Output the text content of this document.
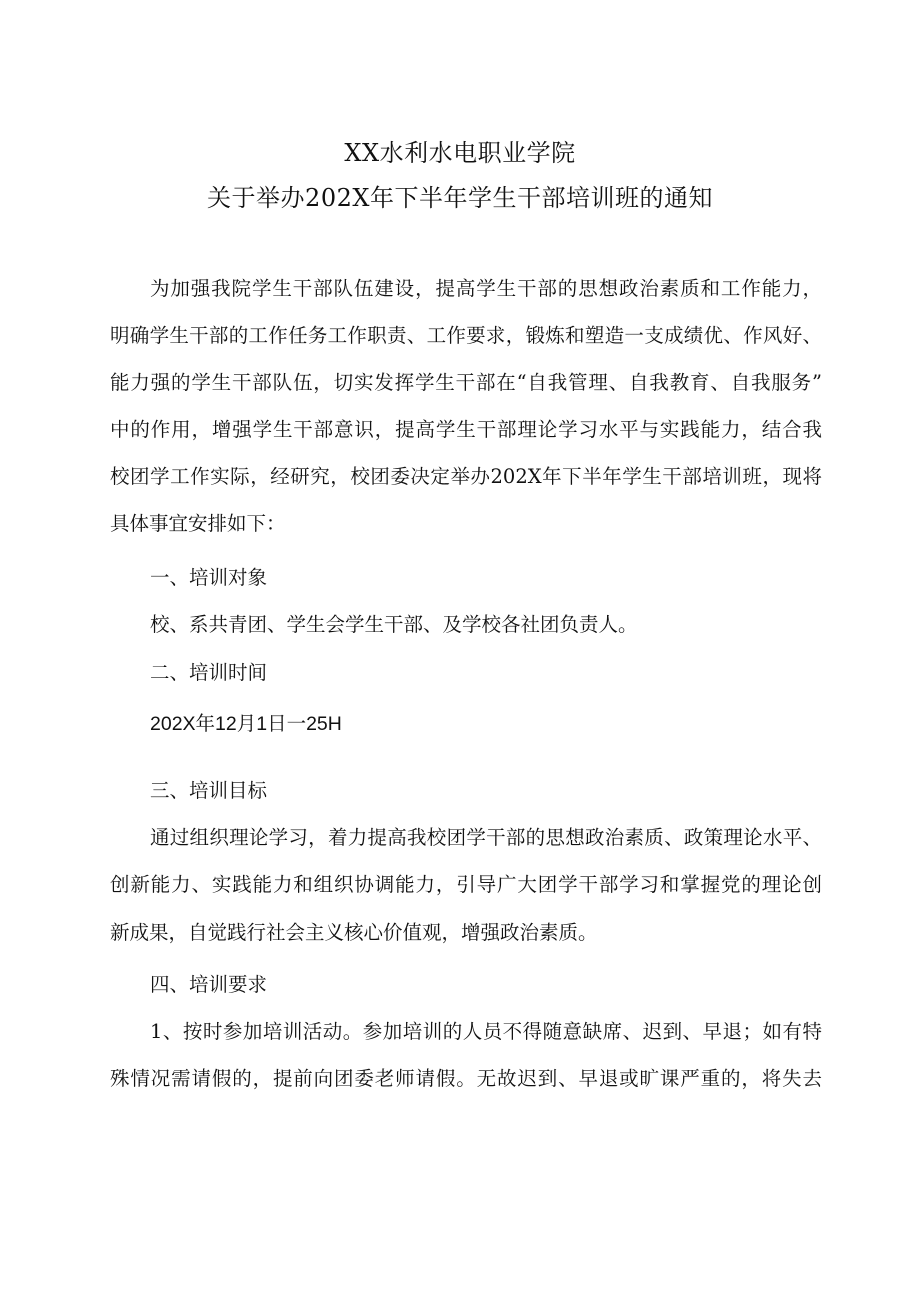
XX水利水电职业学院
关于举办202X年下半年学生干部培训班的通知
为加强我院学生干部队伍建设，提高学生干部的思想政治素质和工作能力，
明确学生干部的工作任务工作职责、工作要求，锻炼和塑造一支成绩优、作风好、
能力强的学生干部队伍，切实发挥学生干部在“自我管理、自我教育、自我服务”
中的作用，增强学生干部意识，提高学生干部理论学习水平与实践能力，结合我
校团学工作实际，经研究，校团委决定举办202X年下半年学生干部培训班，现将
具体事宜安排如下：
一、培训对象
校、系共青团、学生会学生干部、及学校各社团负责人。
二、培训时间
202X年12月1日一25H
三、培训目标
通过组织理论学习，着力提高我校团学干部的思想政治素质、政策理论水平、
创新能力、实践能力和组织协调能力，引导广大团学干部学习和掌握党的理论创
新成果，自觉践行社会主义核心价值观，增强政治素质。
四、培训要求
1、按时参加培训活动。参加培训的人员不得随意缺席、迟到、早退；如有特
殊情况需请假的，提前向团委老师请假。无故迟到、早退或旷课严重的，将失去
